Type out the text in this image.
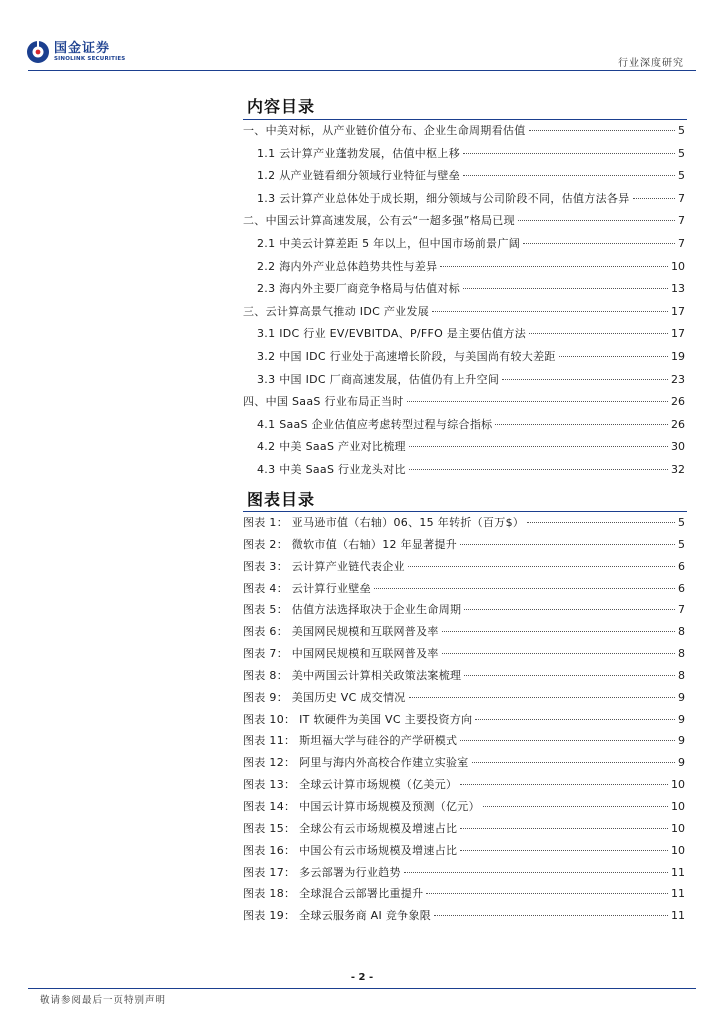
国金证券
SINOLINK SECURITIES	行业深度研究
内容目录
一、中美对标，从产业链价值分布、企业生命周期看估值	5
1.1 云计算产业蓬勃发展，估值中枢上移	5
1.2 从产业链看细分领域行业特征与壁垒	5
1.3 云计算产业总体处于成长期，细分领域与公司阶段不同，估值方法各异	7
二、中国云计算高速发展，公有云“一超多强”格局已现	7
2.1 中美云计算差距 5 年以上，但中国市场前景广阔	7
2.2 海内外产业总体趋势共性与差异	10
2.3 海内外主要厂商竞争格局与估值对标	13
三、云计算高景气推动 IDC 产业发展	17
3.1 IDC 行业 EV/EVBITDA、P/FFO 是主要估值方法	17
3.2 中国 IDC 行业处于高速增长阶段，与美国尚有较大差距	19
3.3 中国 IDC 厂商高速发展，估值仍有上升空间	23
四、中国 SaaS 行业布局正当时	26
4.1 SaaS 企业估值应考虑转型过程与综合指标	26
4.2 中美 SaaS 产业对比梳理	30
4.3 中美 SaaS 行业龙头对比	32
图表目录
图表 1： 亚马逊市值（右轴）06、15 年转折（百万$）	5
图表 2： 微软市值（右轴）12 年显著提升	5
图表 3： 云计算产业链代表企业	6
图表 4： 云计算行业壁垒	6
图表 5： 估值方法选择取决于企业生命周期	7
图表 6： 美国网民规模和互联网普及率	8
图表 7： 中国网民规模和互联网普及率	8
图表 8： 美中两国云计算相关政策法案梳理	8
图表 9： 美国历史 VC 成交情况	9
图表 10： IT 软硬件为美国 VC 主要投资方向	9
图表 11： 斯坦福大学与硅谷的产学研模式	9
图表 12： 阿里与海内外高校合作建立实验室	9
图表 13： 全球云计算市场规模（亿美元）	10
图表 14： 中国云计算市场规模及预测（亿元）	10
图表 15： 全球公有云市场规模及增速占比	10
图表 16： 中国公有云市场规模及增速占比	10
图表 17： 多云部署为行业趋势	11
图表 18： 全球混合云部署比重提升	11
图表 19： 全球云服务商 AI 竞争象限	11
- 2 -
敬请参阅最后一页特别声明
